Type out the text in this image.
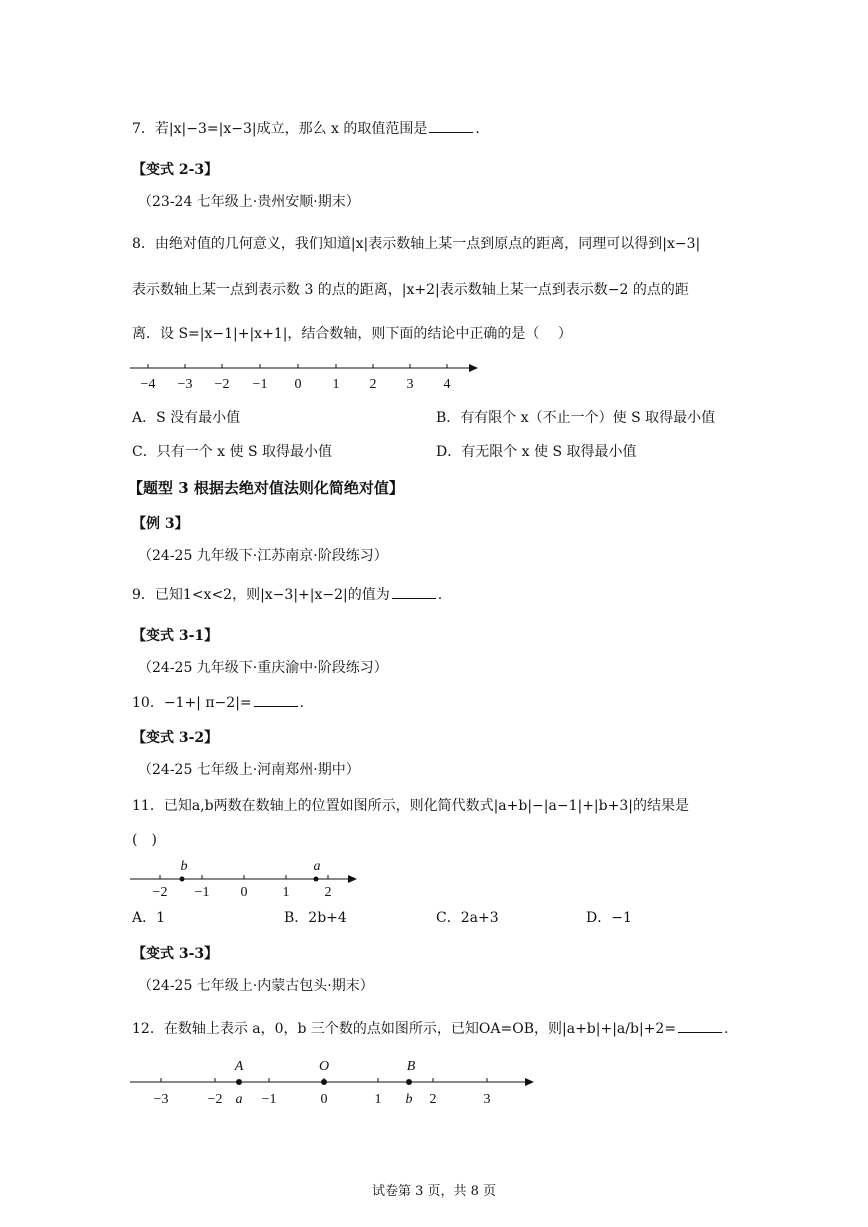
7．若|x|−3=|x−3|成立，那么 x 的取值范围是	.
【变式 2-3】
（23-24 七年级上·贵州安顺·期末）
8．由绝对值的几何意义，我们知道|x|表示数轴上某一点到原点的距离，同理可以得到|x−3|
表示数轴上某一点到表示数 3 的点的距离，|x+2|表示数轴上某一点到表示数−2 的点的距
离．设 S=|x−1|+|x+1|，结合数轴，则下面的结论中正确的是（　 ）
A．S 没有最小值	B．有有限个 x（不止一个）使 S 取得最小值
C．只有一个 x 使 S 取得最小值	D．有无限个 x 使 S 取得最小值
【题型 3 根据去绝对值法则化简绝对值】
【例 3】
（24-25 九年级下·江苏南京·阶段练习）
9．已知1<x<2，则|x−3|+|x−2|的值为	.
【变式 3-1】
（24-25 九年级下·重庆渝中·阶段练习）
10．−1+| π−2|=	.
【变式 3-2】
（24-25 七年级上·河南郑州·期中）
11．已知a,b两数在数轴上的位置如图所示，则化简代数式|a+b|−|a−1|+|b+3|的结果是
(　)
A．1	B．2b+4	C．2a+3	D．−1
【变式 3-3】
（24-25 七年级上·内蒙古包头·期末）
12．在数轴上表示 a，0，b 三个数的点如图所示，已知OA=OB，则|a+b|+|a/b|+2=	.
−4 −3 −2 −1 0 1 2 3 4
b	a
−2 −1 0	1	2
A	O	B
−3	−2 a −1	0	1 b 2	3
试卷第 3 页，共 8 页
